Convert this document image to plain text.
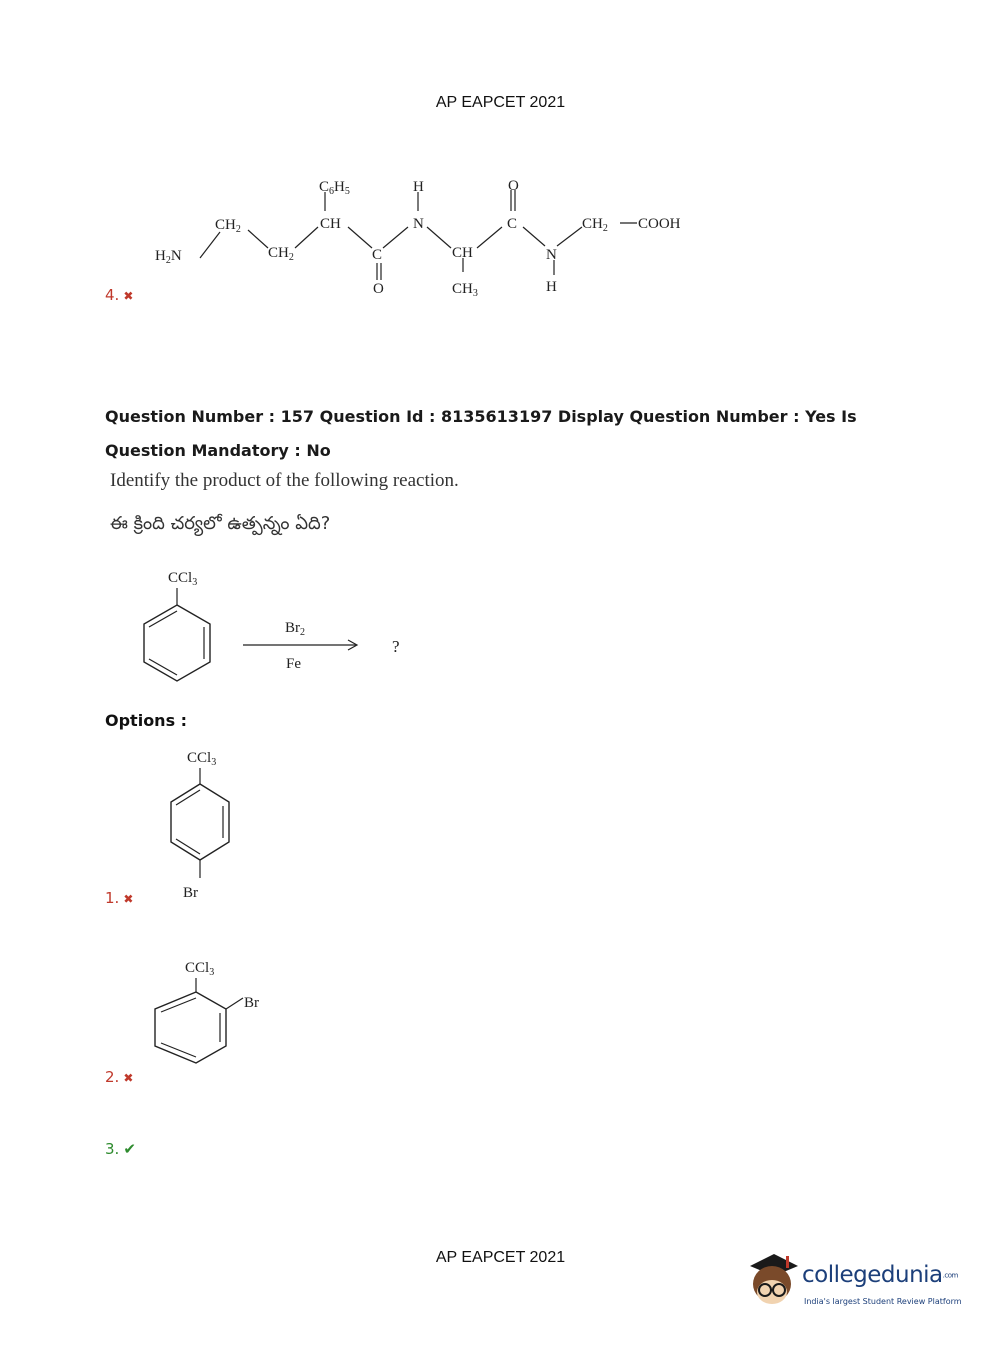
AP EAPCET 2021
4. ✖
$H_2N$
$CH_2$
$CH_2$
$C_6H_5$
CH
C
O
H
N
CH
$CH_3$
O
C
N
H
$CH_2$ COOH
Question Number : 157 Question Id : 8135613197 Display Question Number : Yes Is Question Mandatory : No
Identify the product of the following reaction.
ఈ క్రింది చర్యలో ఉత్పన్నం ఏది?
CCl$_3$
$Br_2$
Fe
?
Options :
CCl$_3$
Br
1. ✖
CCl$_3$
Br
2. ✖
3. ✔
AP EAPCET 2021
collegedunia.com
India's largest Student Review Platform
